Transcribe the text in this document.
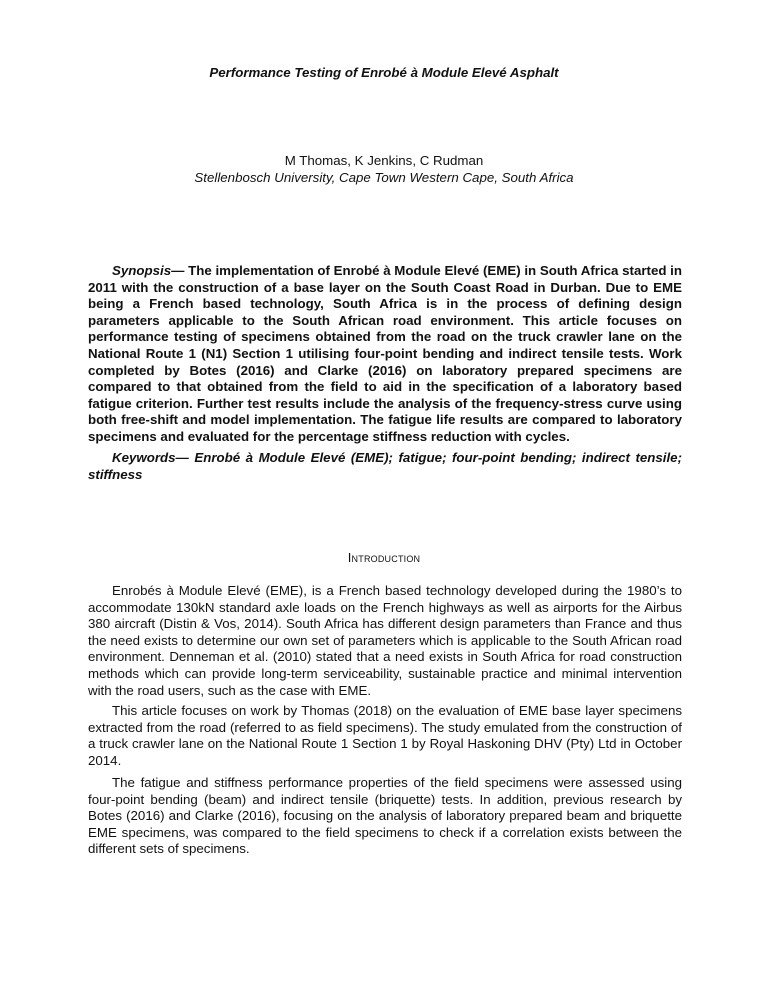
Performance Testing of Enrobé à Module Elevé Asphalt
M Thomas, K Jenkins, C Rudman
Stellenbosch University, Cape Town Western Cape, South Africa
Synopsis— The implementation of Enrobé à Module Elevé (EME) in South Africa started in 2011 with the construction of a base layer on the South Coast Road in Durban. Due to EME being a French based technology, South Africa is in the process of defining design parameters applicable to the South African road environment. This article focuses on performance testing of specimens obtained from the road on the truck crawler lane on the National Route 1 (N1) Section 1 utilising four-point bending and indirect tensile tests. Work completed by Botes (2016) and Clarke (2016) on laboratory prepared specimens are compared to that obtained from the field to aid in the specification of a laboratory based fatigue criterion. Further test results include the analysis of the frequency-stress curve using both free-shift and model implementation. The fatigue life results are compared to laboratory specimens and evaluated for the percentage stiffness reduction with cycles.
Keywords— Enrobé à Module Elevé (EME); fatigue; four-point bending; indirect tensile; stiffness
Introduction
Enrobés à Module Elevé (EME), is a French based technology developed during the 1980’s to accommodate 130kN standard axle loads on the French highways as well as airports for the Airbus 380 aircraft (Distin & Vos, 2014). South Africa has different design parameters than France and thus the need exists to determine our own set of parameters which is applicable to the South African road environment. Denneman et al. (2010) stated that a need exists in South Africa for road construction methods which can provide long-term serviceability, sustainable practice and minimal intervention with the road users, such as the case with EME.
This article focuses on work by Thomas (2018) on the evaluation of EME base layer specimens extracted from the road (referred to as field specimens). The study emulated from the construction of a truck crawler lane on the National Route 1 Section 1 by Royal Haskoning DHV (Pty) Ltd in October 2014.
The fatigue and stiffness performance properties of the field specimens were assessed using four-point bending (beam) and indirect tensile (briquette) tests. In addition, previous research by Botes (2016) and Clarke (2016), focusing on the analysis of laboratory prepared beam and briquette EME specimens, was compared to the field specimens to check if a correlation exists between the different sets of specimens.
